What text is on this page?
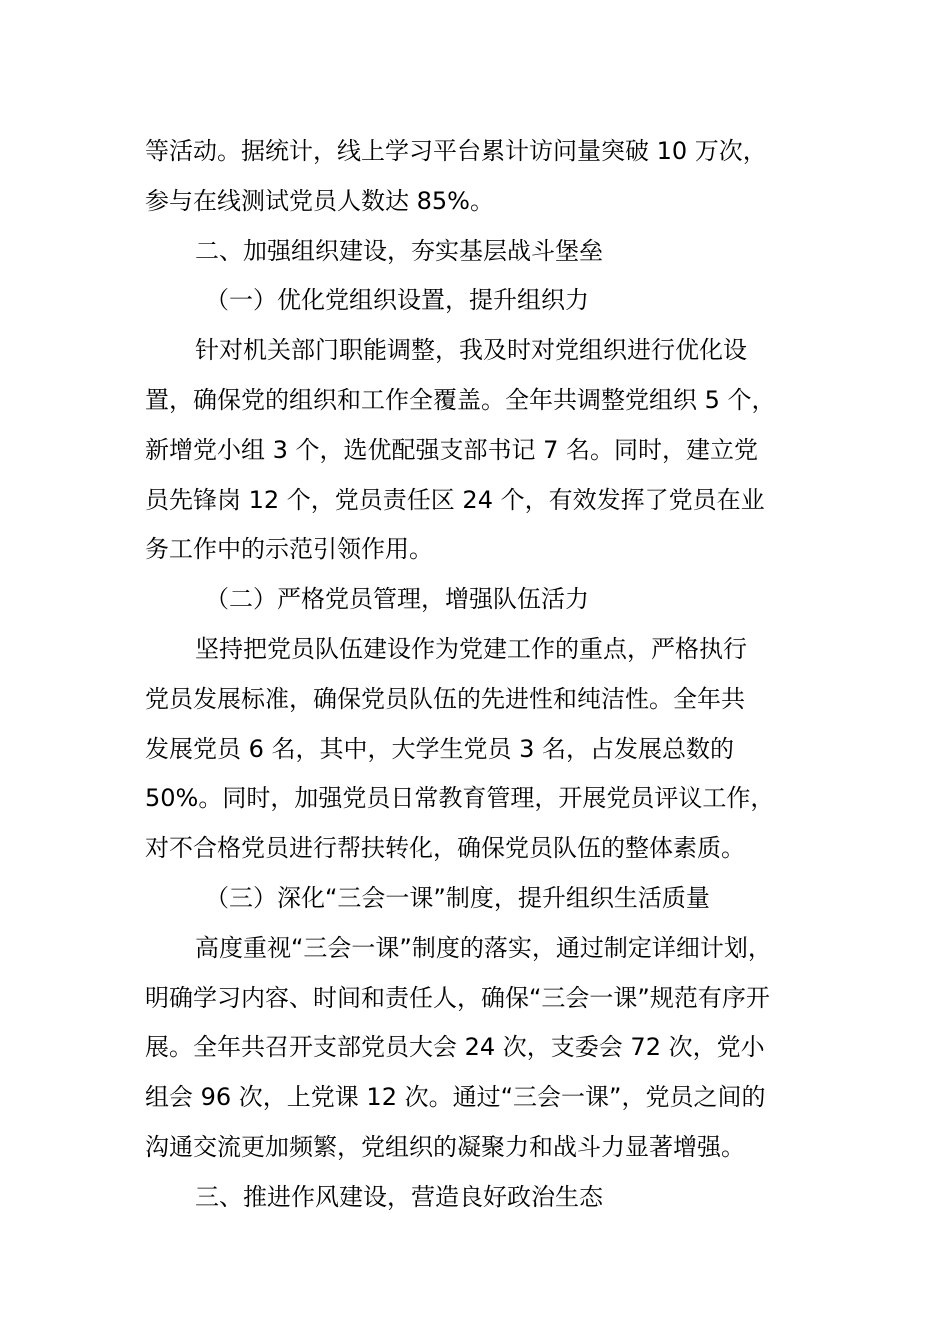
等活动。据统计，线上学习平台累计访问量突破 10 万次，
参与在线测试党员人数达 85%。
二、加强组织建设，夯实基层战斗堡垒
（一）优化党组织设置，提升组织力
针对机关部门职能调整，我及时对党组织进行优化设
置，确保党的组织和工作全覆盖。全年共调整党组织 5 个，
新增党小组 3 个，选优配强支部书记 7 名。同时，建立党
员先锋岗 12 个，党员责任区 24 个，有效发挥了党员在业
务工作中的示范引领作用。
（二）严格党员管理，增强队伍活力
坚持把党员队伍建设作为党建工作的重点，严格执行
党员发展标准，确保党员队伍的先进性和纯洁性。全年共
发展党员 6 名，其中，大学生党员 3 名，占发展总数的
50%。同时，加强党员日常教育管理，开展党员评议工作，
对不合格党员进行帮扶转化，确保党员队伍的整体素质。
（三）深化“三会一课”制度，提升组织生活质量
高度重视“三会一课”制度的落实，通过制定详细计划，
明确学习内容、时间和责任人，确保“三会一课”规范有序开
展。全年共召开支部党员大会 24 次，支委会 72 次，党小
组会 96 次，上党课 12 次。通过“三会一课”，党员之间的
沟通交流更加频繁，党组织的凝聚力和战斗力显著增强。
三、推进作风建设，营造良好政治生态
